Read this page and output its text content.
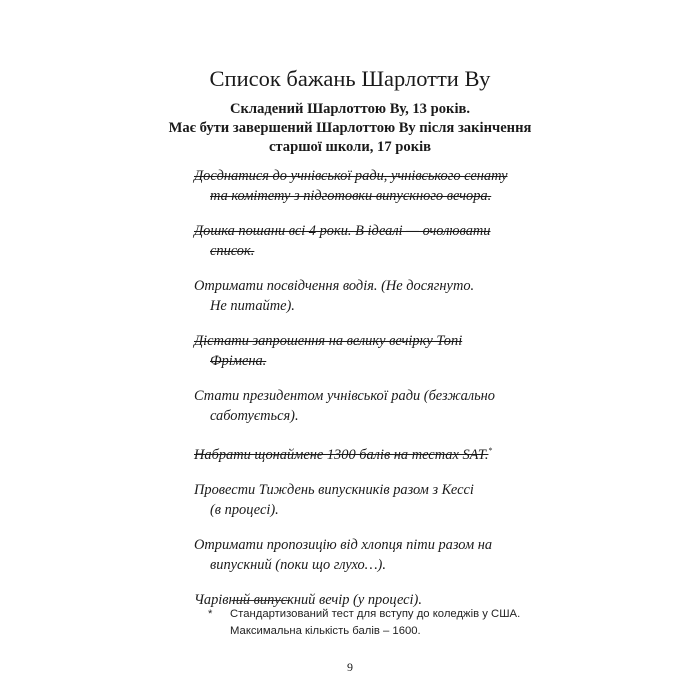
Список бажань Шарлотти Ву
Складений Шарлоттою Ву, 13 років.
Має бути завершений Шарлоттою Ву після закінчення
старшої школи, 17 років
Доєднатися до учнівської ради, учнівського сенату
та комітету з підготовки випускного вечора.
Дошка пошани всі 4 роки. В ідеалі — очолювати
список.
Отримати посвідчення водія. (Не досягнуто.
Не питайте).
Дістати запрошення на велику вечірку Топі
Фрімена.
Стати президентом учнівської ради (безжально
саботується).
Набрати щонаймене 1300 балів на тестах SAT.*
Провести Тиждень випускників разом з Кессі
(в процесі).
Отримати пропозицію від хлопця піти разом на
випускний (поки що глухо…).
Чарівний випускний вечір (у процесі).
* Стандартизований тест для вступу до коледжів у США.
Максимальна кількість балів – 1600.
9
